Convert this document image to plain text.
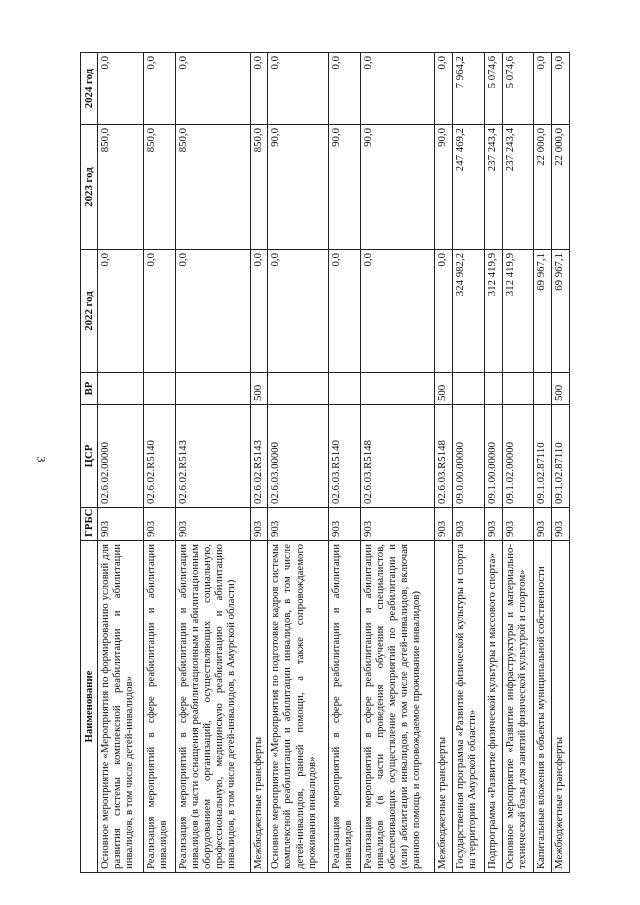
3
Наименование	ГРБС	ЦСР	ВР	2022 год	2023 год	2024 год
Основное мероприятие «Мероприятия по формированию условий для развития системы комплексной реабилитации и абилитации инвалидов, в том числе детей-инвалидов»	903	02.6.02.00000		0,0	850,0	0,0
Реализация мероприятий в сфере реабилитации и абилитации инвалидов	903	02.6.02.R5140		0,0	850,0	0,0
Реализация мероприятий в сфере реабилитации и абилитации инвалидов (в части оснащения реабилитационным и абилитационным оборудованием организаций, осуществляющих социальную, профессиональную, медицинскую реабилитацию и абилитацию инвалидов, в том числе детей-инвалидов, в Амурской области)	903	02.6.02.R5143		0,0	850,0	0,0
Межбюджетные трансферты	903	02.6.02.R5143	500	0,0	850,0	0,0
Основное мероприятие «Мероприятия по подготовке кадров системы комплексной реабилитации и абилитации инвалидов, в том числе детей-инвалидов, ранней помощи, а также сопровождаемого проживания инвалидов»	903	02.6.03.00000		0,0	90,0	0,0
Реализация мероприятий в сфере реабилитации и абилитации инвалидов	903	02.6.03.R5140		0,0	90,0	0,0
Реализация мероприятий в сфере реабилитации и абилитации инвалидов (в части проведения обучения специалистов, обеспечивающих осуществление мероприятий по реабилитации и (или) абилитации инвалидов, в том числе детей-инвалидов, включая раннюю помощь и сопровождаемое проживание инвалидов)	903	02.6.03.R5148		0,0	90,0	0,0
Межбюджетные трансферты	903	02.6.03.R5148	500	0,0	90,0	0,0
Государственная программа «Развитие физической культуры и спорта на территории Амурской области»	903	09.0.00.00000		324 982,2	247 469,2	7 964,2
Подпрограмма «Развитие физической культуры и массового спорта»	903	09.1.00.00000		312 419,9	237 243,4	5 074,6
Основное мероприятие «Развитие инфраструктуры и материально-технической базы для занятий физической культурой и спортом»	903	09.1.02.00000		312 419,9	237 243,4	5 074,6
Капитальные вложения в объекты муниципальной собственности	903	09.1.02.87110		69 967,1	22 000,0	0,0
Межбюджетные трансферты	903	09.1.02.87110	500	69 967,1	22 000,0	0,0
